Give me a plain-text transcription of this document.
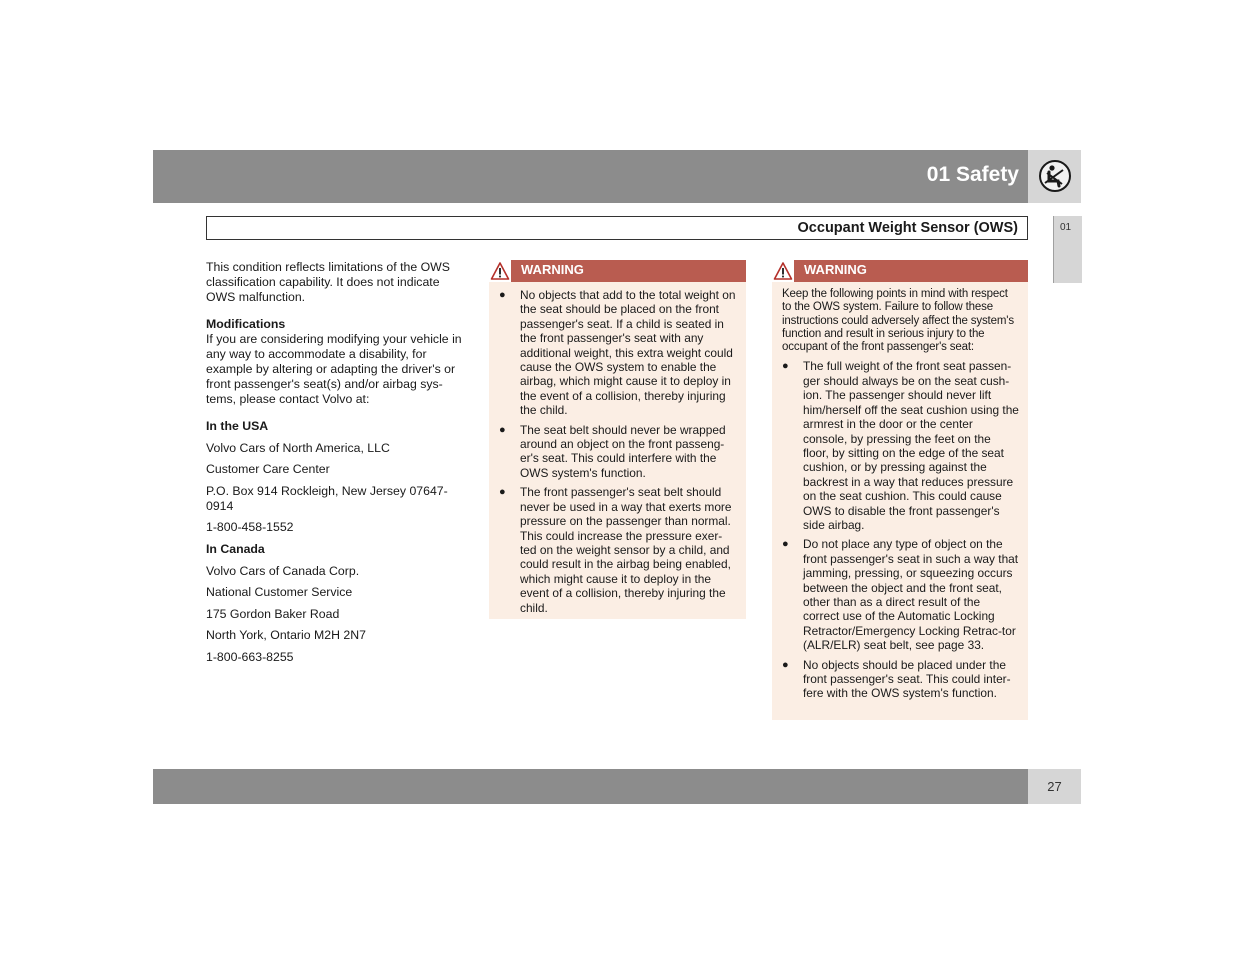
01 Safety
01
Occupant Weight Sensor (OWS)

This condition reflects limitations of the OWS classification capability. It does not indicate OWS malfunction.

Modifications

If you are considering modifying your vehicle in any way to accommodate a disability, for example by altering or adapting the driver's or front passenger's seat(s) and/or airbag sys-tems, please contact Volvo at:

In the USA
Volvo Cars of North America, LLC
Customer Care Center
P.O. Box 914 Rockleigh, New Jersey 07647-0914
1-800-458-1552
In Canada
Volvo Cars of Canada Corp.
National Customer Service
175 Gordon Baker Road
North York, Ontario M2H 2N7
1-800-663-8255
WARNING
● No objects that add to the total weight on the seat should be placed on the front passenger's seat. If a child is seated in the front passenger's seat with any additional weight, this extra weight could cause the OWS system to enable the airbag, which might cause it to deploy in the event of a collision, thereby injuring the child.
● The seat belt should never be wrapped around an object on the front passeng-er's seat. This could interfere with the OWS system's function.
● The front passenger's seat belt should never be used in a way that exerts more pressure on the passenger than normal. This could increase the pressure exer-ted on the weight sensor by a child, and could result in the airbag being enabled, which might cause it to deploy in the event of a collision, thereby injuring the child.
WARNING

Keep the following points in mind with respect to the OWS system. Failure to follow these instructions could adversely affect the system's function and result in serious injury to the occupant of the front passenger's seat:

● The full weight of the front seat passen-ger should always be on the seat cush-ion. The passenger should never lift him/herself off the seat cushion using the armrest in the door or the center console, by pressing the feet on the floor, by sitting on the edge of the seat cushion, or by pressing against the backrest in a way that reduces pressure on the seat cushion. This could cause OWS to disable the front passenger's side airbag.
● Do not place any type of object on the front passenger's seat in such a way that jamming, pressing, or squeezing occurs between the object and the front seat, other than as a direct result of the correct use of the Automatic Locking Retractor/Emergency Locking Retrac-tor (ALR/ELR) seat belt, see page 33.
● No objects should be placed under the front passenger's seat. This could inter-fere with the OWS system's function.
27
